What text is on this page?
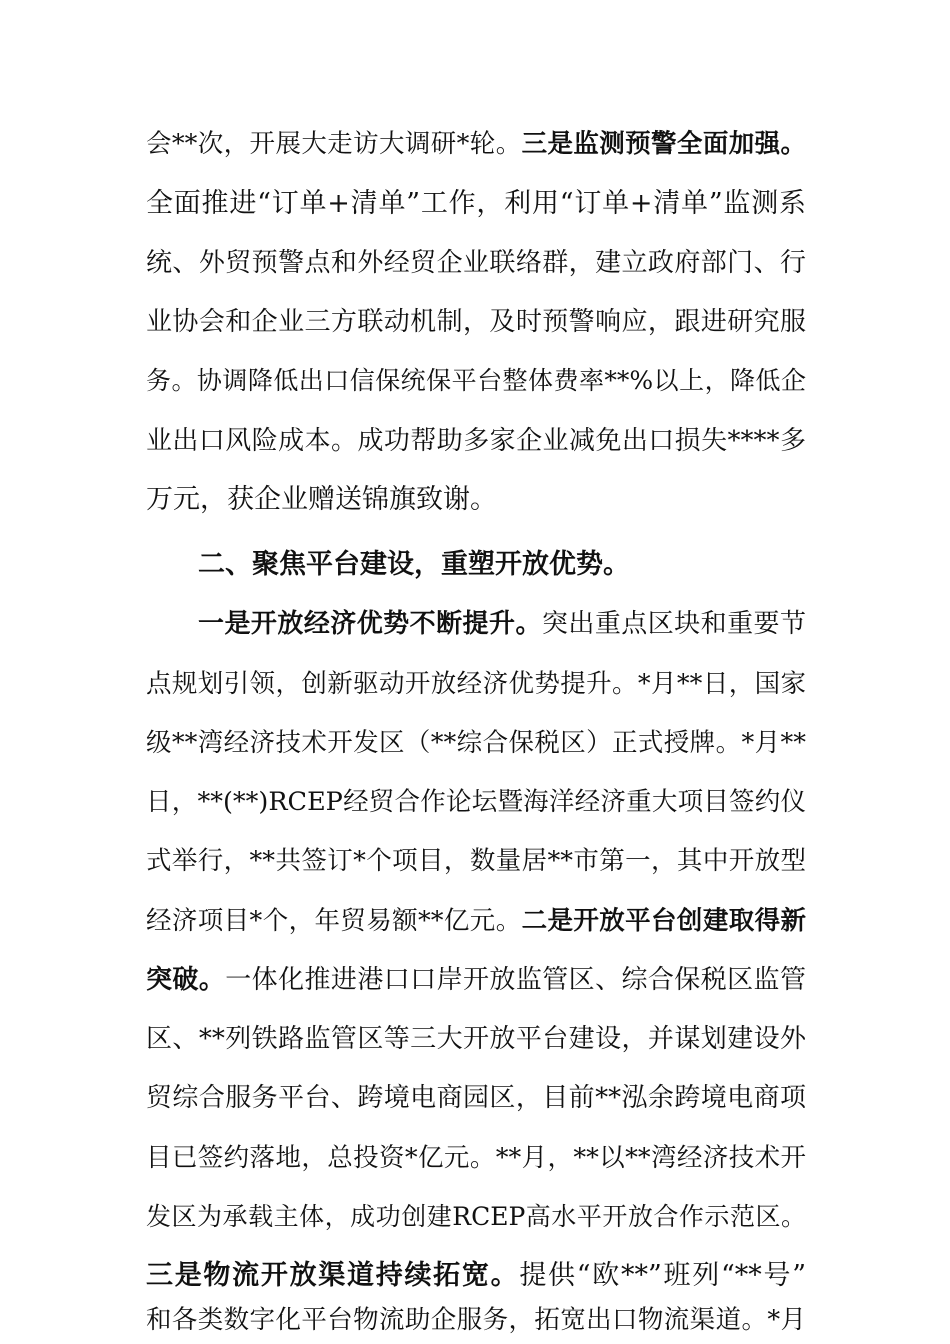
会**次，开展大走访大调研*轮。三是监测预警全面加强。
全面推进“订单+清单”工作，利用“订单+清单”监测系
统、外贸预警点和外经贸企业联络群，建立政府部门、行
业协会和企业三方联动机制，及时预警响应，跟进研究服
务。协调降低出口信保统保平台整体费率**%以上，降低企
业出口风险成本。成功帮助多家企业减免出口损失****多
万元，获企业赠送锦旗致谢。
二、聚焦平台建设，重塑开放优势。
一是开放经济优势不断提升。突出重点区块和重要节
点规划引领，创新驱动开放经济优势提升。*月**日，国家
级**湾经济技术开发区（**综合保税区）正式授牌。*月**
日，**(**)RCEP经贸合作论坛暨海洋经济重大项目签约仪
式举行，**共签订*个项目，数量居**市第一，其中开放型
经济项目*个，年贸易额**亿元。二是开放平台创建取得新
突破。一体化推进港口口岸开放监管区、综合保税区监管
区、**列铁路监管区等三大开放平台建设，并谋划建设外
贸综合服务平台、跨境电商园区，目前**泓余跨境电商项
目已签约落地，总投资*亿元。**月，**以**湾经济技术开
发区为承载主体，成功创建RCEP高水平开放合作示范区。
三是物流开放渠道持续拓宽。提供“欧**”班列“**号”
和各类数字化平台物流助企服务，拓宽出口物流渠道。*月
